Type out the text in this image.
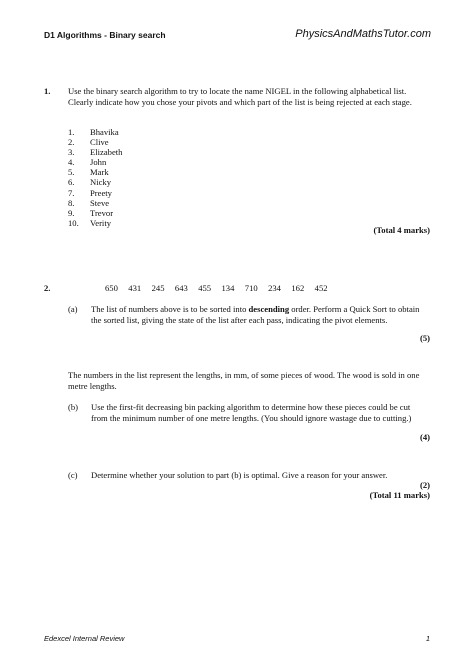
D1 Algorithms - Binary search	PhysicsAndMathsTutor.com
1. Use the binary search algorithm to try to locate the name NIGEL in the following alphabetical list. Clearly indicate how you chose your pivots and which part of the list is being rejected at each stage.
1.	Bhavika
2.	Clive
3.	Elizabeth
4.	John
5.	Mark
6.	Nicky
7.	Preety
8.	Steve
9.	Trevor
10.	Verity
(Total 4 marks)
2.	650	431	245	643	455	134	710	234	162	452
(a) The list of numbers above is to be sorted into descending order. Perform a Quick Sort to obtain the sorted list, giving the state of the list after each pass, indicating the pivot elements.
(5)
The numbers in the list represent the lengths, in mm, of some pieces of wood. The wood is sold in one metre lengths.
(b) Use the first-fit decreasing bin packing algorithm to determine how these pieces could be cut from the minimum number of one metre lengths. (You should ignore wastage due to cutting.)
(4)
(c) Determine whether your solution to part (b) is optimal. Give a reason for your answer.
(2)
(Total 11 marks)
Edexcel Internal Review	1
